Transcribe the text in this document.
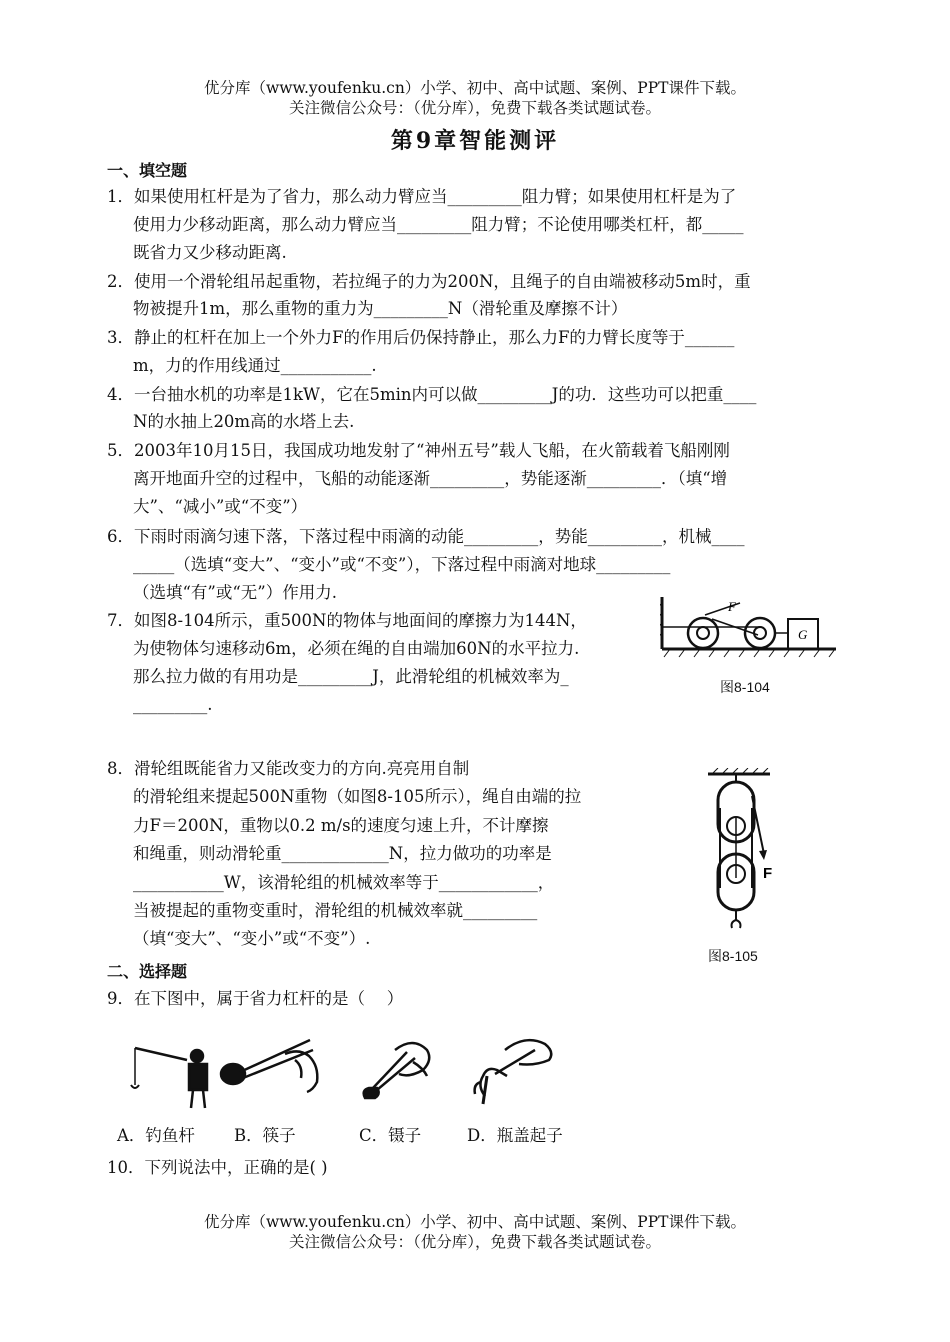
优分库（www.youfenku.cn）小学、初中、高中试题、案例、PPT课件下载。
关注微信公众号：（优分库），免费下载各类试题试卷。
第9章智能测评
一、填空题
1．如果使用杠杆是为了省力，那么动力臂应当_________阻力臂；如果使用杠杆是为了
使用力少移动距离，那么动力臂应当_________阻力臂；不论使用哪类杠杆，都_____
既省力又少移动距离.
2．使用一个滑轮组吊起重物，若拉绳子的力为200N，且绳子的自由端被移动5m时，重
物被提升1m，那么重物的重力为_________N（滑轮重及摩擦不计）
3．静止的杠杆在加上一个外力F的作用后仍保持静止，那么力F的力臂长度等于______
m，力的作用线通过___________.
4．一台抽水机的功率是1kW，它在5min内可以做_________J的功．这些功可以把重____
N的水抽上20m高的水塔上去.
5．2003年10月15日，我国成功地发射了“神州五号”载人飞船，在火箭载着飞船刚刚
离开地面升空的过程中，飞船的动能逐渐_________，势能逐渐_________．（填“增
大”、“减小”或“不变”）
6．下雨时雨滴匀速下落，下落过程中雨滴的动能_________，势能_________，机械____
_____（选填“变大”、“变小”或“不变”），下落过程中雨滴对地球_________
（选填“有”或“无”）作用力.
7．如图8-104所示，重500N的物体与地面间的摩擦力为144N，
为使物体匀速移动6m，必须在绳的自由端加60N的水平拉力.
那么拉力做的有用功是_________J，此滑轮组的机械效率为_
_________.
G
F
图8-104
8．滑轮组既能省力又能改变力的方向.亮亮用自制
的滑轮组来提起500N重物（如图8-105所示），绳自由端的拉
力F＝200N，重物以0.2 m/s的速度匀速上升，不计摩擦
和绳重，则动滑轮重_____________N，拉力做功的功率是
___________W，该滑轮组的机械效率等于____________，
当被提起的重物变重时，滑轮组的机械效率就_________
（填“变大”、“变小”或“不变”）.
F
图8-105
二、选择题
9．在下图中，属于省力杠杆的是（　 ）
A．钓鱼杆 B．筷子	C．镊子	D．瓶盖起子
10．下列说法中，正确的是( )
优分库（www.youfenku.cn）小学、初中、高中试题、案例、PPT课件下载。
关注微信公众号：（优分库），免费下载各类试题试卷。
